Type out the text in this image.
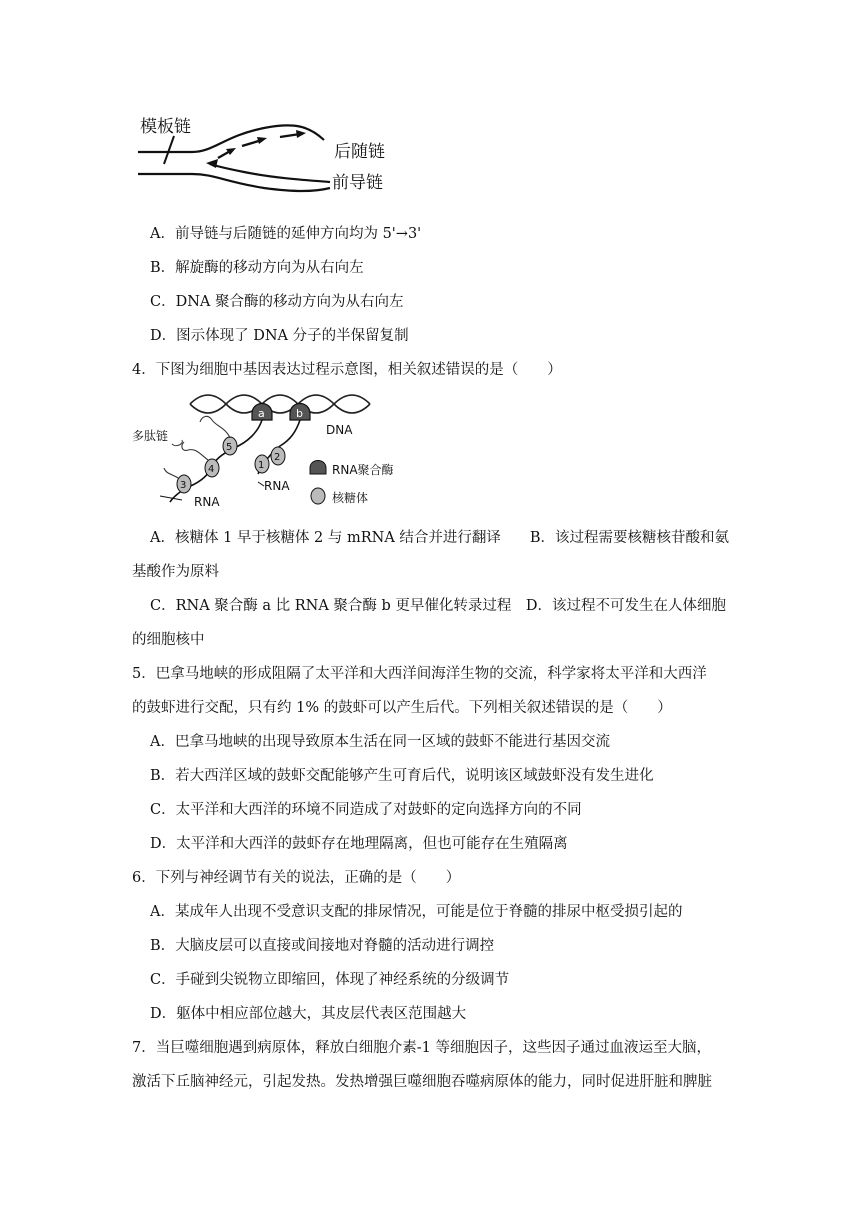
模板链
后随链
前导链
A．前导链与后随链的延伸方向均为 5'→3'
B．解旋酶的移动方向为从右向左
C．DNA 聚合酶的移动方向为从右向左
D．图示体现了 DNA 分子的半保留复制
4．下图为细胞中基因表达过程示意图，相关叙述错误的是（　　）
DNA
a	b
5
4
3
2
1
多肽链
RNA
RNA
RNA聚合酶
核糖体
A．核糖体 1 早于核糖体 2 与 mRNA 结合并进行翻译　　B．该过程需要核糖核苷酸和氨
基酸作为原料
C．RNA 聚合酶 a 比 RNA 聚合酶 b 更早催化转录过程　D．该过程不可发生在人体细胞
的细胞核中
5．巴拿马地峡的形成阻隔了太平洋和大西洋间海洋生物的交流，科学家将太平洋和大西洋
的鼓虾进行交配，只有约 1% 的鼓虾可以产生后代。下列相关叙述错误的是（　　）
A．巴拿马地峡的出现导致原本生活在同一区域的鼓虾不能进行基因交流
B．若大西洋区域的鼓虾交配能够产生可育后代，说明该区域鼓虾没有发生进化
C．太平洋和大西洋的环境不同造成了对鼓虾的定向选择方向的不同
D．太平洋和大西洋的鼓虾存在地理隔离，但也可能存在生殖隔离
6．下列与神经调节有关的说法，正确的是（　　）
A．某成年人出现不受意识支配的排尿情况，可能是位于脊髓的排尿中枢受损引起的
B．大脑皮层可以直接或间接地对脊髓的活动进行调控
C．手碰到尖锐物立即缩回，体现了神经系统的分级调节
D．躯体中相应部位越大，其皮层代表区范围越大
7．当巨噬细胞遇到病原体，释放白细胞介素-1 等细胞因子，这些因子通过血液运至大脑，
激活下丘脑神经元，引起发热。发热增强巨噬细胞吞噬病原体的能力，同时促进肝脏和脾脏
